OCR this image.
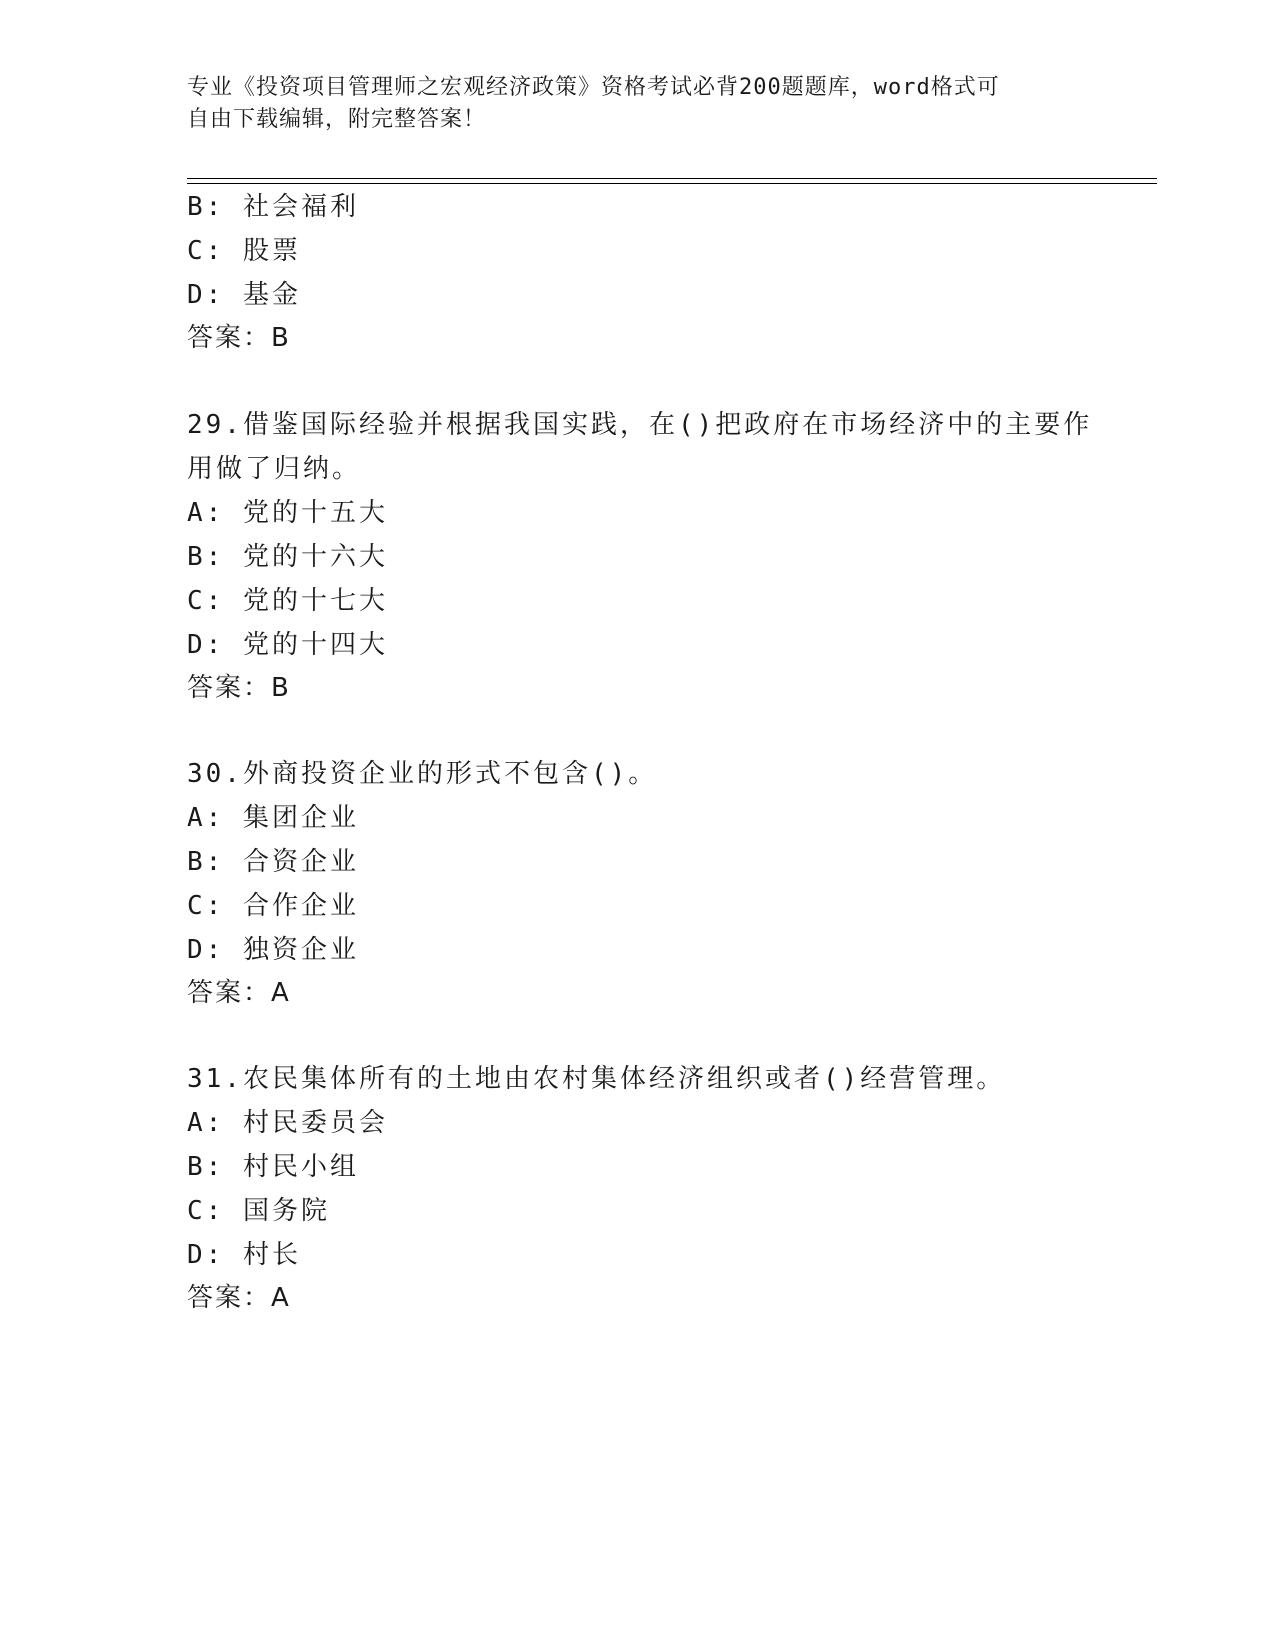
专业《投资项目管理师之宏观经济政策》资格考试必背200题题库，word格式可
自由下载编辑，附完整答案！
B: 社会福利
C: 股票
D: 基金
答案：B
29.借鉴国际经验并根据我国实践，在()把政府在市场经济中的主要作
用做了归纳。
A: 党的十五大
B: 党的十六大
C: 党的十七大
D: 党的十四大
答案：B
30.外商投资企业的形式不包含()。
A: 集团企业
B: 合资企业
C: 合作企业
D: 独资企业
答案：A
31.农民集体所有的土地由农村集体经济组织或者()经营管理。
A: 村民委员会
B: 村民小组
C: 国务院
D: 村长
答案：A
